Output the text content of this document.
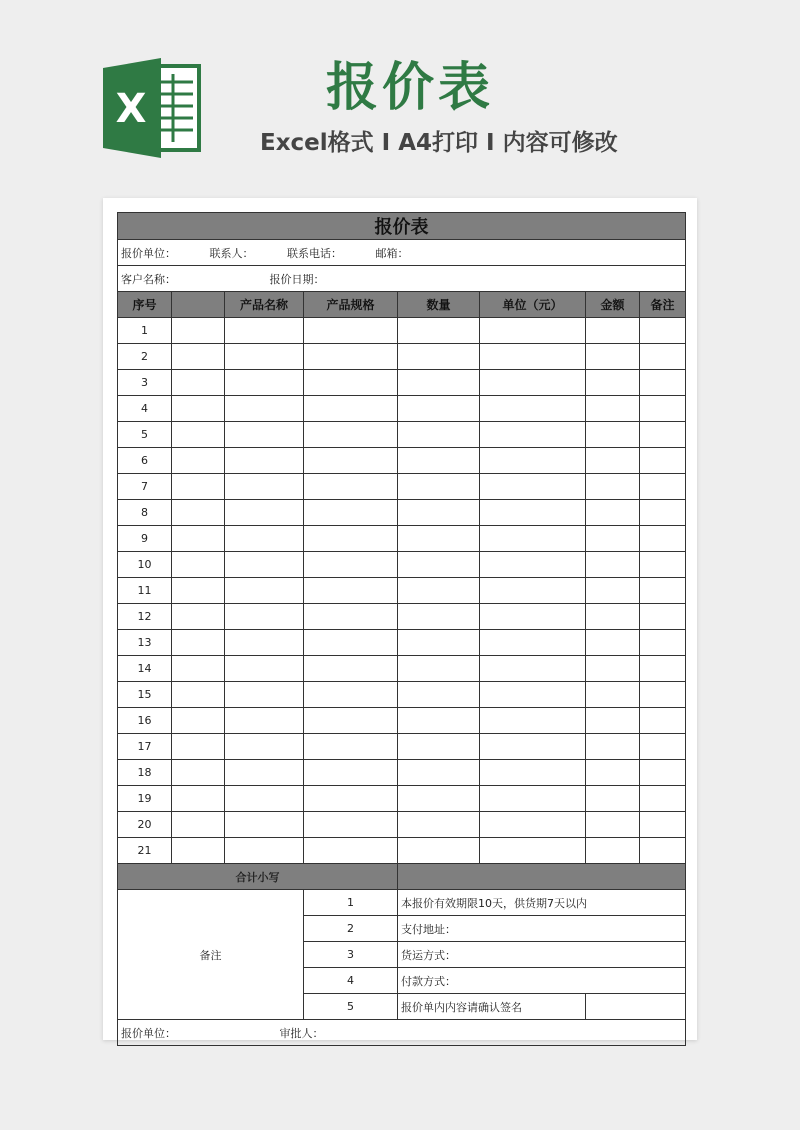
X	报价表
Excel格式 I A4打印 I 内容可修改
报价表							
报价单位： 联系人： 联系电话： 邮箱：							
客户名称： 报价日期：							
序号		产品名称	产品规格	数量	单位（元）	金额	备注
1							
2							
3							
4							
5							
6							
7							
8							
9							
10							
11							
12							
13							
14							
15							
16							
17							
18							
19							
20							
21							
合计小写							
备注			1	本报价有效期限10天，供货期7天以内			
			2	支付地址：			
			3	货运方式：			
			4	付款方式：			
			5	报价单内内容请确认签名			
报价单位： 审批人：							
